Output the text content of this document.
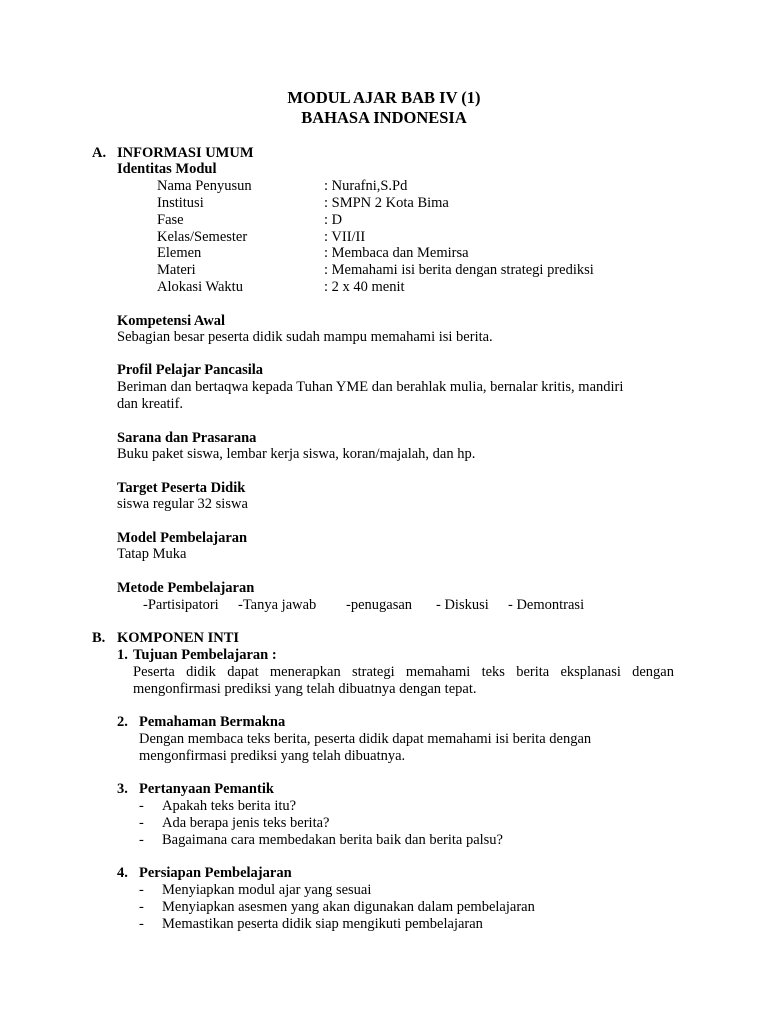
MODUL AJAR BAB IV (1)
BAHASA INDONESIA
A. INFORMASI UMUM
Identitas Modul
Nama Penyusun	: Nurafni,S.Pd
Institusi	: SMPN 2 Kota Bima
Fase	: D
Kelas/Semester	: VII/II
Elemen	: Membaca dan Memirsa
Materi	: Memahami isi berita dengan strategi prediksi
Alokasi Waktu	: 2 x 40 menit
Kompetensi Awal
Sebagian besar peserta didik sudah mampu memahami isi berita.
Profil Pelajar Pancasila
Beriman dan bertaqwa kepada Tuhan YME dan berahlak mulia, bernalar kritis, mandiri
dan kreatif.
Sarana dan Prasarana
Buku paket siswa, lembar kerja siswa, koran/majalah, dan hp.
Target Peserta Didik
siswa regular 32 siswa
Model Pembelajaran
Tatap Muka
Metode Pembelajaran
-Partisipatori -Tanya jawab -penugasan - Diskusi - Demontrasi
B. KOMPONEN INTI
1. Tujuan Pembelajaran :
Peserta didik dapat menerapkan strategi memahami teks berita eksplanasi dengan mengonfirmasi prediksi yang telah dibuatnya dengan tepat.
2. Pemahaman Bermakna
Dengan membaca teks berita, peserta didik dapat memahami isi berita dengan
mengonfirmasi prediksi yang telah dibuatnya.
3. Pertanyaan Pemantik
- Apakah teks berita itu?
- Ada berapa jenis teks berita?
- Bagaimana cara membedakan berita baik dan berita palsu?
4. Persiapan Pembelajaran
- Menyiapkan modul ajar yang sesuai
- Menyiapkan asesmen yang akan digunakan dalam pembelajaran
- Memastikan peserta didik siap mengikuti pembelajaran
